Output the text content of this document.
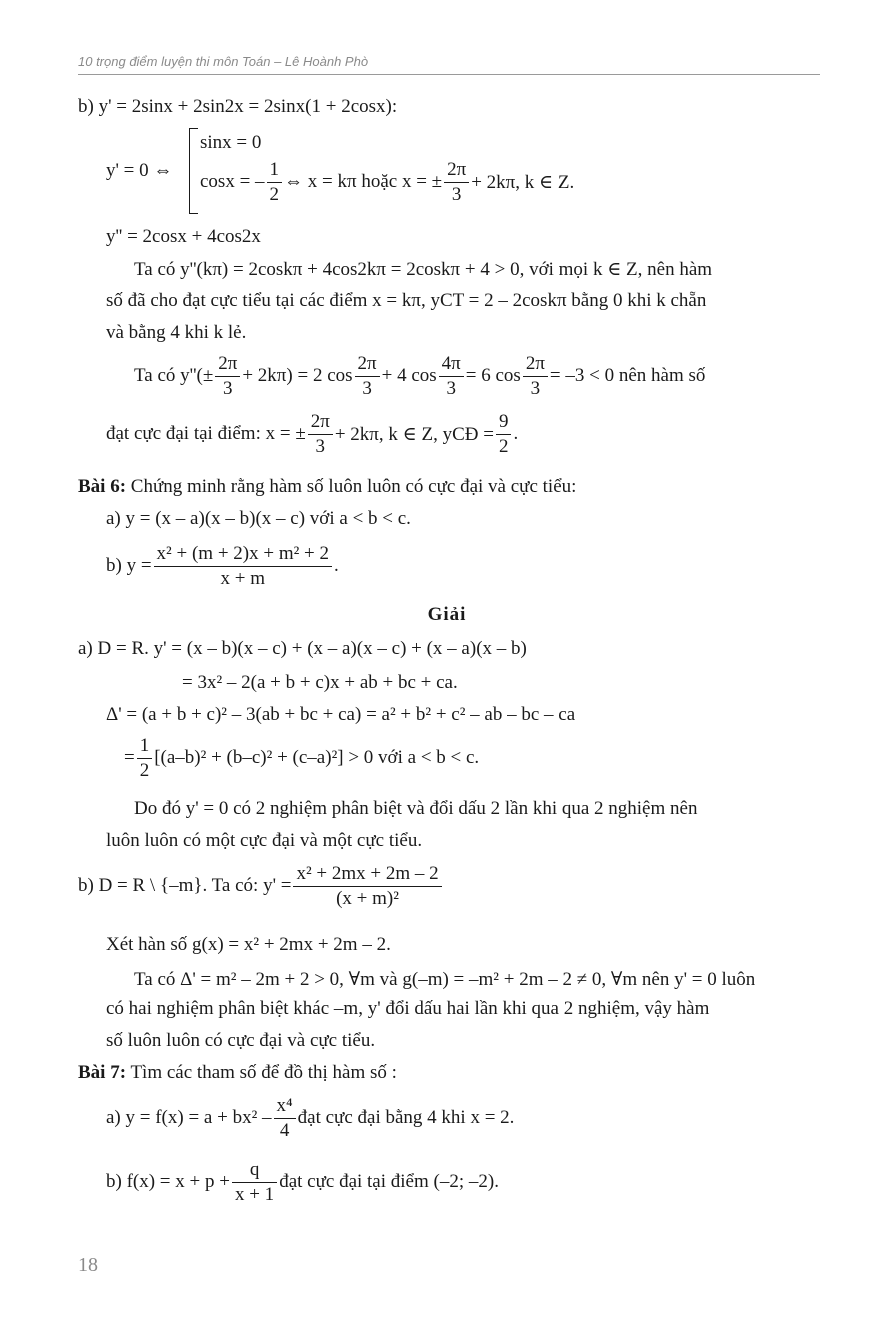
10 trọng điểm luyện thi môn Toán – Lê Hoành Phò
b) y' = 2sinx + 2sin2x = 2sinx(1 + 2cosx):
y' = 0 ⇔
sinx = 0
cosx = – $\frac{1}{2}$ ⇔ x = kπ hoặc x = ± $\frac{2\pi}{3} + 2k\pi$, k ∈ Z.
y'' = 2cosx + 4cos2x
Ta có y''(kπ) = 2coskπ + 4cos2kπ = 2coskπ + 4 > 0, với mọi k ∈ Z, nên hàm
số đã cho đạt cực tiểu tại các điểm x = kπ, yCT = 2 – 2coskπ bằng 0 khi k chẵn
và bằng 4 khi k lẻ.
Ta có $y''(\pm \frac{2\pi}{3} + 2k\pi) = 2$ $\cos \frac{2\pi}{3} + 4$ $\cos \frac{4\pi}{3} = 6$ $\cos \frac{2\pi}{3} = -3 < 0$ nên hàm số
đạt cực đại tại điểm: x = ± $\frac{2\pi}{3} + 2k\pi$, k ∈ Z, yCĐ = $\frac{9}{2}$ .
Bài 6: Chứng minh rằng hàm số luôn luôn có cực đại và cực tiểu:
a) y = (x – a)(x – b)(x – c) với a < b < c.
b) $y = \frac{\text{x² + (m + 2)x + m² + 2}}{x + m}$ .
Giải
a) D = R. y' = (x – b)(x – c) + (x – a)(x – c) + (x – a)(x – b)
= 3x² – 2(a + b + c)x + ab + bc + ca.
Δ' = (a + b + c)² – 3(ab + bc + ca) = a² + b² + c² – ab – bc – ca
= $\frac{1}{2} [(a-b)^2 + (b-c)^2 + (c-a)^2] > 0$ với a < b < c.
Do đó y' = 0 có 2 nghiệm phân biệt và đổi dấu 2 lần khi qua 2 nghiệm nên
luôn luôn có một cực đại và một cực tiểu.
b) D = R \ {–m}. Ta có: $y' = \frac{\text{x² + 2mx + 2m – 2}}{\text{(x + m)²}}$
Xét hàn số g(x) = x² + 2mx + 2m – 2.
Ta có Δ' = m² – 2m + 2 > 0, ∀m và g(–m) = –m² + 2m – 2 ≠ 0, ∀m nên y' = 0 luôn
có hai nghiệm phân biệt khác –m, y' đổi dấu hai lần khi qua 2 nghiệm, vậy hàm
số luôn luôn có cực đại và cực tiểu.
Bài 7: Tìm các tham số để đồ thị hàm số :
a) $y = f(x) = a + bx^2 - \frac{\text{x⁴}}{4}$ đạt cực đại bằng 4 khi x = 2.
b) $f(x) = x + p + \frac{q}{x + 1}$ đạt cực đại tại điểm (–2; –2).
18
